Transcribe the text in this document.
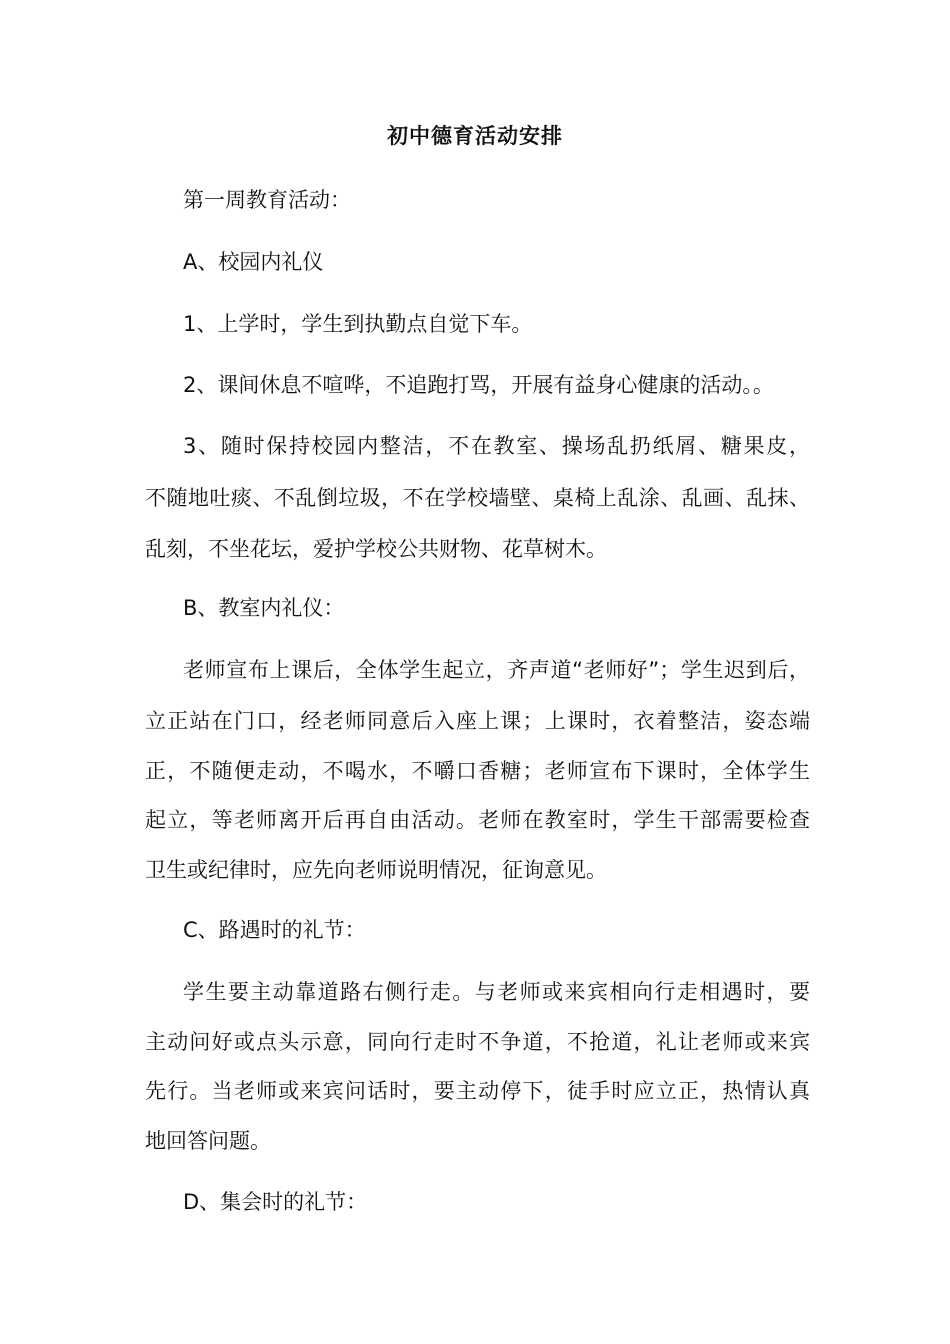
初中德育活动安排
第一周教育活动：
A、校园内礼仪
1、上学时，学生到执勤点自觉下车。
2、课间休息不喧哗，不追跑打骂，开展有益身心健康的活动。。
3、随时保持校园内整洁，不在教室、操场乱扔纸屑、糖果皮，
不随地吐痰、不乱倒垃圾，不在学校墙壁、桌椅上乱涂、乱画、乱抹、
乱刻，不坐花坛，爱护学校公共财物、花草树木。
B、教室内礼仪：
老师宣布上课后，全体学生起立，齐声道“老师好”；学生迟到后，
立正站在门口，经老师同意后入座上课；上课时，衣着整洁，姿态端
正，不随便走动，不喝水，不嚼口香糖；老师宣布下课时，全体学生
起立，等老师离开后再自由活动。老师在教室时，学生干部需要检查
卫生或纪律时，应先向老师说明情况，征询意见。
C、路遇时的礼节：
学生要主动靠道路右侧行走。与老师或来宾相向行走相遇时，要
主动问好或点头示意，同向行走时不争道，不抢道，礼让老师或来宾
先行。当老师或来宾问话时，要主动停下，徒手时应立正，热情认真
地回答问题。
D、集会时的礼节：
